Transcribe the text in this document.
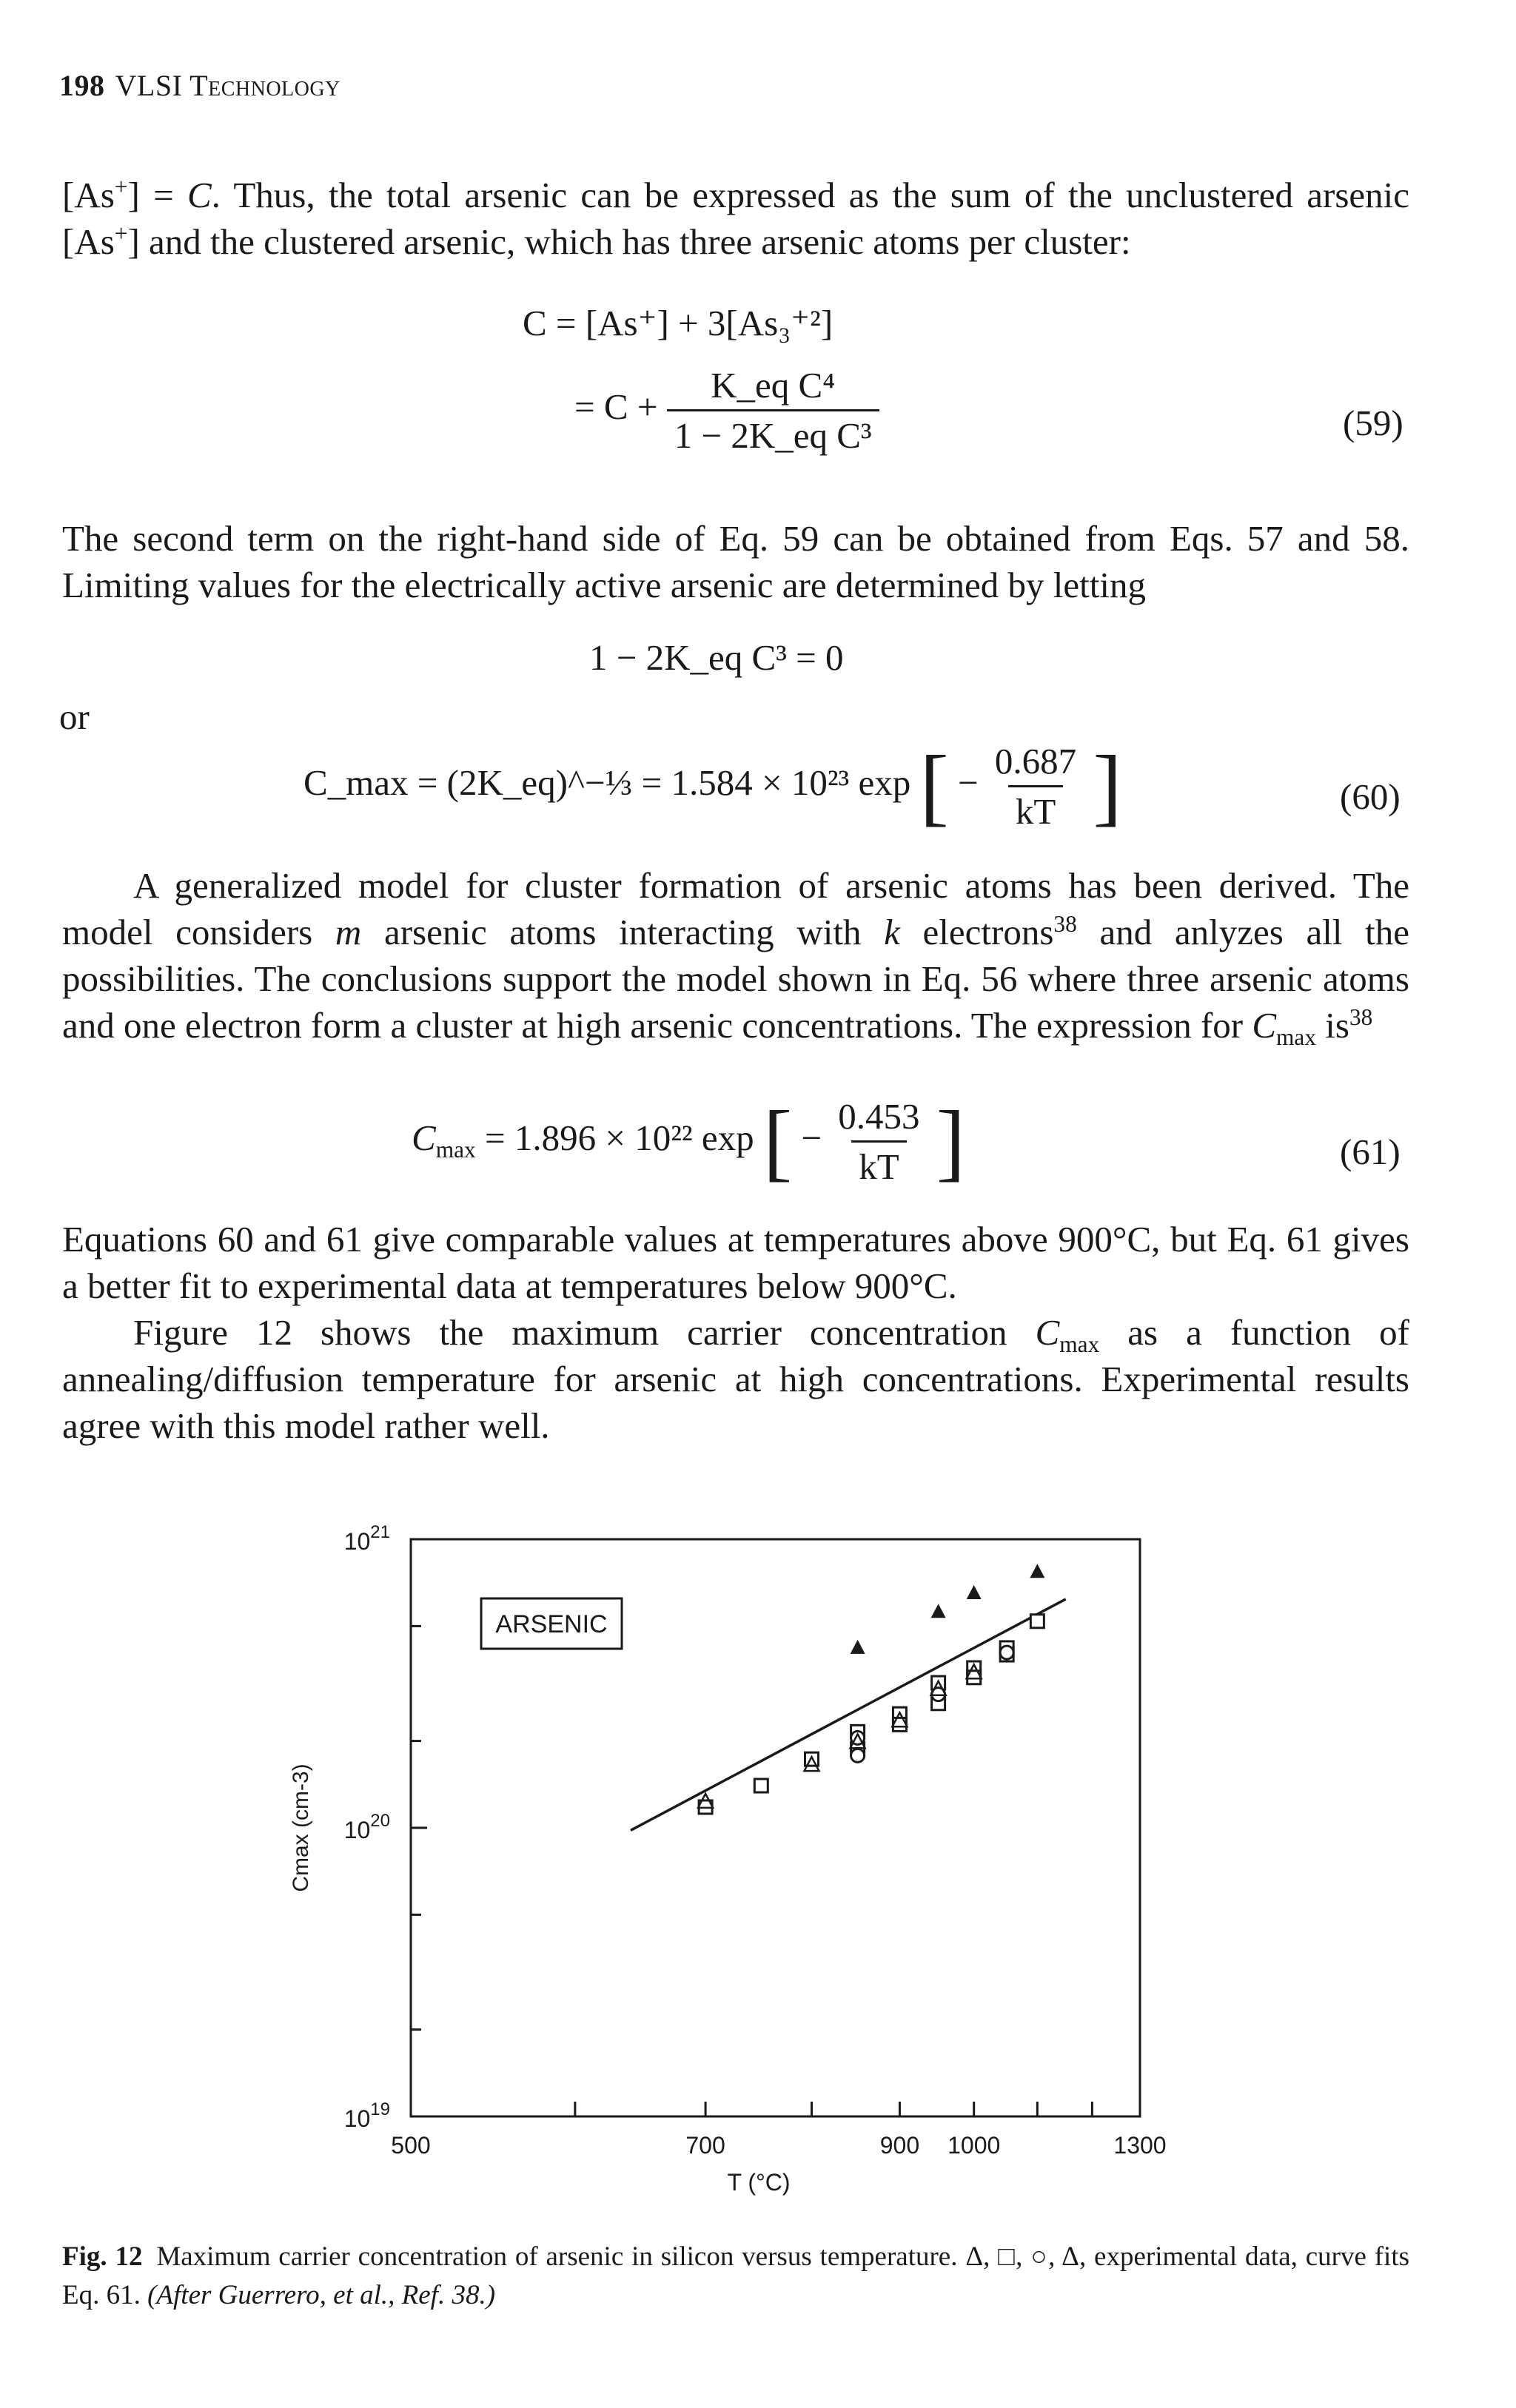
198 VLSI Technology
[As+] = C. Thus, the total arsenic can be expressed as the sum of the unclustered arsenic [As+] and the clustered arsenic, which has three arsenic atoms per cluster:
C = [As⁺] + 3[As₃⁺²]
= $C + \frac{\text{K\_eq C⁴}}{\text{1 − 2K\_eq C³}}$	(59)
The second term on the right-hand side of Eq. 59 can be obtained from Eqs. 57 and 58. Limiting values for the electrically active arsenic are determined by letting
1 − 2K_eq C³ = 0
or
C_max = (2K_eq)^−⅓ = 1.584 × 10²³ exp [ − $\frac{0.687}{kT}$ ]	(60)
A generalized model for cluster formation of arsenic atoms has been derived. The model considers m arsenic atoms interacting with k electrons$^{38}$ and anlyzes all the possibilities. The conclusions support the model shown in Eq. 56 where three arsenic atoms and one electron form a cluster at high arsenic concentrations. The expression for $C_{max}$ $is^{38}$
$C_{max} = 1.896 \times 10^{22}$ exp [ − $\frac{0.453}{kT}$ ]	(61)
Equations 60 and 61 give comparable values at temperatures above 900°C, but Eq. 61 gives a better fit to experimental data at temperatures below 900°C.
Figure 12 shows the maximum carrier concentration $C_{max}$ as a function of annealing/diffusion temperature for arsenic at high concentrations. Experimental results agree with this model rather well.
$10^{21}$
$10^{20}$
$10^{19}$
500	700	900 1000	1300
ARSENIC
T (°C)
Cmax (cm-3)
Fig. 12 Maximum carrier concentration of arsenic in silicon versus temperature. Δ, □, ○, Δ, experimental data, curve fits Eq. 61. (After Guerrero, et al., Ref. 38.)
